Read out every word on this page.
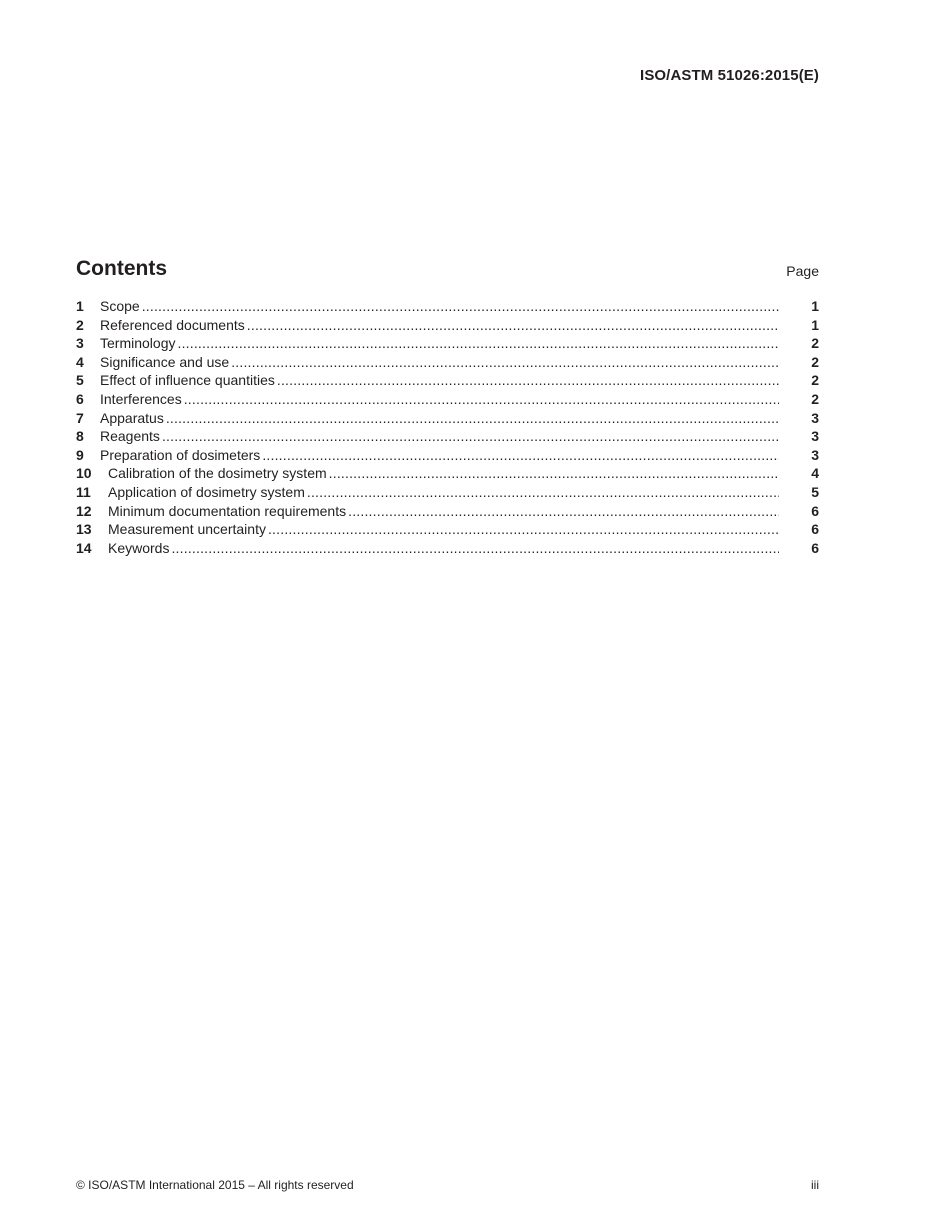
ISO/ASTM 51026:2015(E)
Contents	Page
1 Scope .....	1
2 Referenced documents .....	1
3 Terminology .....	2
4 Significance and use .....	2
5 Effect of influence quantities .....	2
6 Interferences .....	2
7 Apparatus .....	3
8 Reagents .....	3
9 Preparation of dosimeters .....	3
10 Calibration of the dosimetry system .....	4
11 Application of dosimetry system .....	5
12 Minimum documentation requirements .....	6
13 Measurement uncertainty .....	6
14 Keywords .....	6
© ISO/ASTM International 2015 – All rights reserved	iii
